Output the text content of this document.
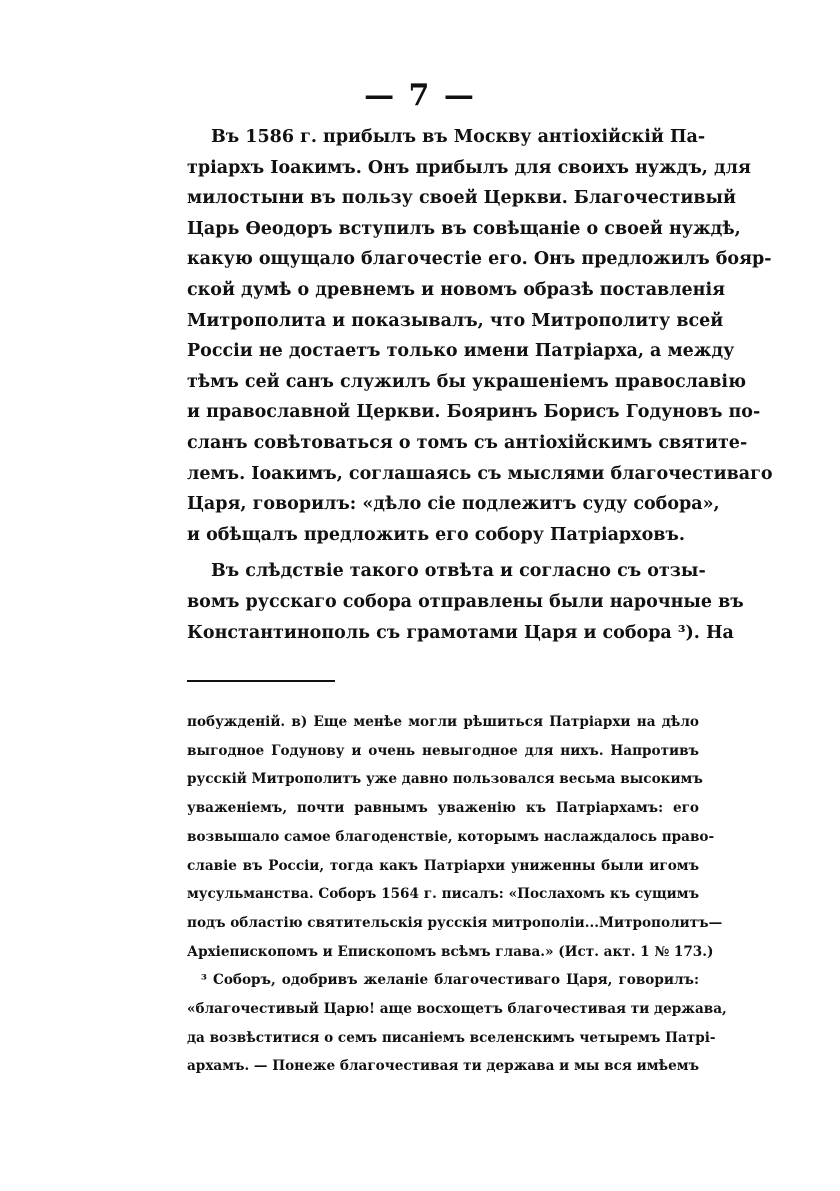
— 7 —
Въ 1586 г. прибылъ въ Москву антіохійскій Па-
тріархъ Іоакимъ. Онъ прибылъ для своихъ нуждъ, для
милостыни въ пользу своей Церкви. Благочестивый
Царь Ѳеодоръ вступилъ въ совѣщаніе о своей нуждѣ,
какую ощущало благочестіе его. Онъ предложилъ бояр-
ской думѣ о древнемъ и новомъ образѣ поставленія
Митрополита и показывалъ, что Митрополиту всей
Россіи не достаетъ только имени Патріарха, а между
тѣмъ сей санъ служилъ бы украшеніемъ православію
и православной Церкви. Бояринъ Борисъ Годуновъ по-
сланъ совѣтоваться о томъ съ антіохійскимъ святите-
лемъ. Іоакимъ, соглашаясь съ мыслями благочестиваго
Царя, говорилъ: «дѣло сіе подлежитъ суду собора»,
и обѣщалъ предложить его собору Патріарховъ.
Въ слѣдствіе такого отвѣта и согласно съ отзы-
вомъ русскаго собора отправлены были нарочные въ
Константинополь съ грамотами Царя и собора ³). На
побужденій. в) Еще менѣе могли рѣшиться Патріархи на дѣло
выгодное Годунову и очень невыгодное для нихъ. Напротивъ
русскій Митрополитъ уже давно пользовался весьма высокимъ
уваженіемъ, почти равнымъ уваженію къ Патріархамъ: его
возвышало самое благоденствіе, которымъ наслаждалось право-
славіе въ Россіи, тогда какъ Патріархи униженны были игомъ
мусульманства. Соборъ 1564 г. писалъ: «Послахомъ къ сущимъ
подъ областію святительскія русскія митрополіи...Митрополитъ—
Архіепископомъ и Епископомъ всѣмъ глава.» (Ист. акт. 1 № 173.)
³ Соборъ, одобривъ желаніе благочестиваго Царя, говорилъ:
«благочестивый Царю! аще восхощетъ благочестивая ти держава,
да возвѣститися о семъ писаніемъ вселенскимъ четыремъ Патрі-
архамъ. — Понеже благочестивая ти держава и мы вся имѣемъ
